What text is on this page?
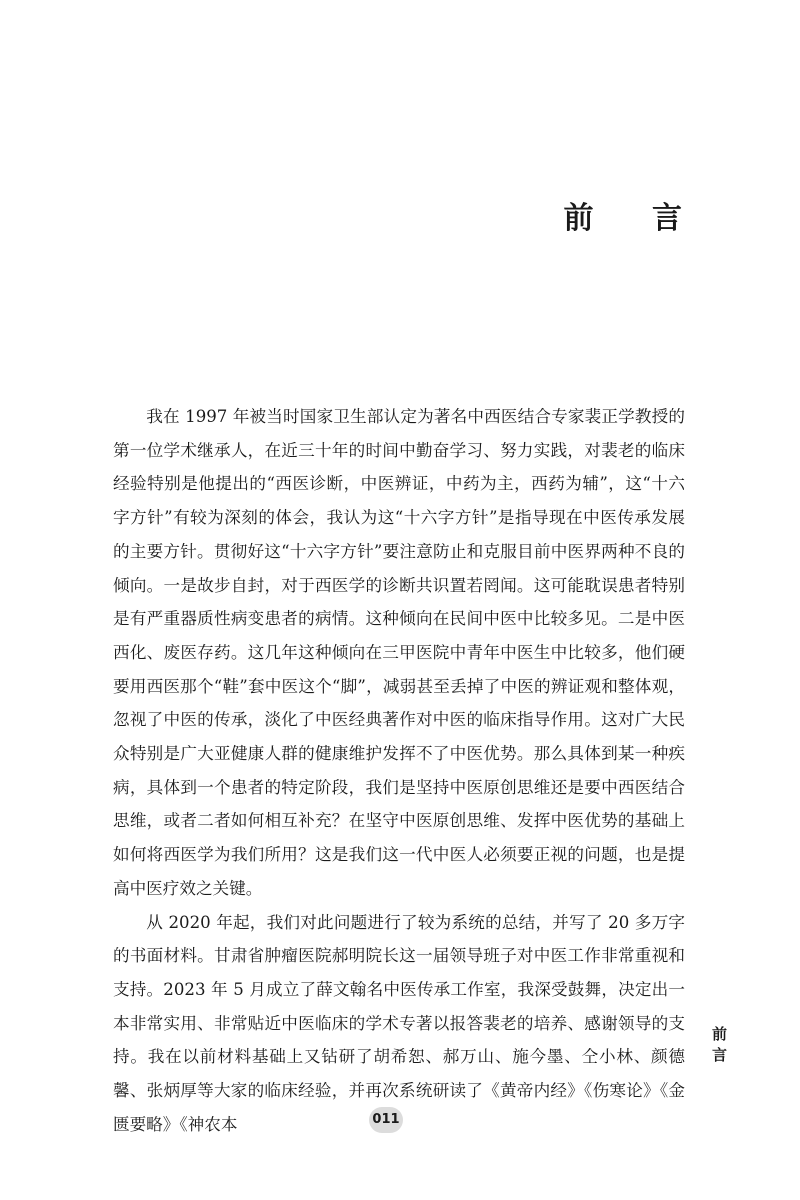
前 言

我在 1997 年被当时国家卫生部认定为著名中西医结合专家裴正学教授的第一位学术继承人，在近三十年的时间中勤奋学习、努力实践，对裴老的临床经验特别是他提出的“西医诊断，中医辨证，中药为主，西药为辅”，这“十六字方针”有较为深刻的体会，我认为这“十六字方针”是指导现在中医传承发展的主要方针。贯彻好这“十六字方针”要注意防止和克服目前中医界两种不良的倾向。一是故步自封，对于西医学的诊断共识置若罔闻。这可能耽误患者特别是有严重器质性病变患者的病情。这种倾向在民间中医中比较多见。二是中医西化、废医存药。这几年这种倾向在三甲医院中青年中医生中比较多，他们硬要用西医那个“鞋”套中医这个“脚”，减弱甚至丢掉了中医的辨证观和整体观，忽视了中医的传承，淡化了中医经典著作对中医的临床指导作用。这对广大民众特别是广大亚健康人群的健康维护发挥不了中医优势。那么具体到某一种疾病，具体到一个患者的特定阶段，我们是坚持中医原创思维还是要中西医结合思维，或者二者如何相互补充？在坚守中医原创思维、发挥中医优势的基础上如何将西医学为我们所用？这是我们这一代中医人必须要正视的问题，也是提高中医疗效之关键。

从 2020 年起，我们对此问题进行了较为系统的总结，并写了 20 多万字的书面材料。甘肃省肿瘤医院郝明院长这一届领导班子对中医工作非常重视和支持。2023 年 5 月成立了薛文翰名中医传承工作室，我深受鼓舞，决定出一本非常实用、非常贴近中医临床的学术专著以报答裴老的培养、感谢领导的支持。我在以前材料基础上又钻研了胡希恕、郝万山、施今墨、仝小林、颜德馨、张炳厚等大家的临床经验，并再次系统研读了《黄帝内经》《伤寒论》《金匮要略》《神农本

前言
011
